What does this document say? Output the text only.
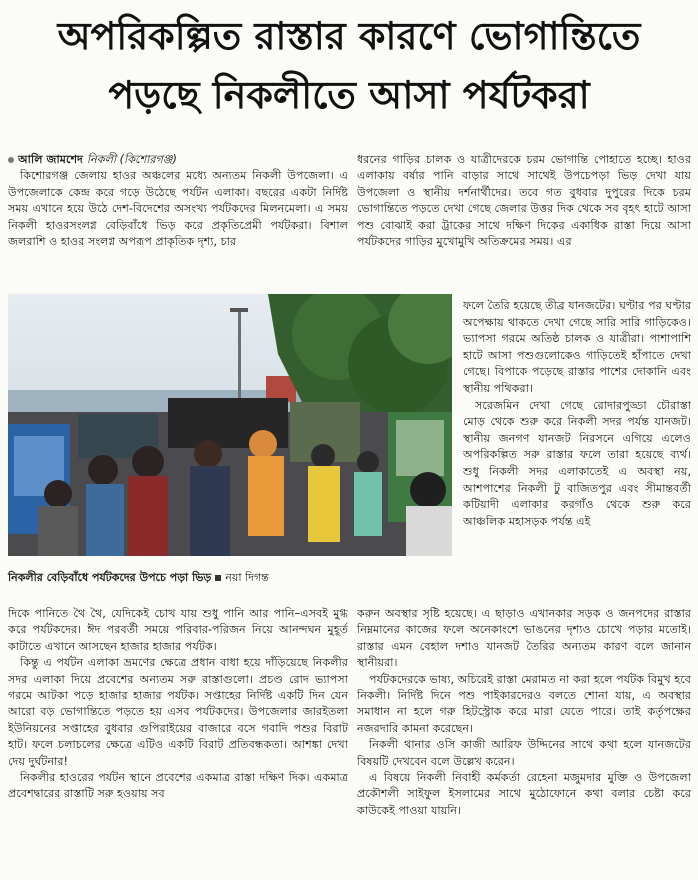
অপরিকল্পিত রাস্তার কারণে ভোগান্তিতে
পড়ছে নিকলীতে আসা পর্যটকরা

আলি জামশেদ নিকলী (কিশোরগঞ্জ)

কিশোরগঞ্জ জেলায় হাওর অঞ্চলের মধ্যে অন্যতম নিকলী উপজেলা। এ উপজেলাকে কেন্দ্র করে গড়ে উঠেছে পর্যটন এলাকা। বছরের একটা নির্দিষ্ট সময় এখানে হয়ে উঠে দেশ-বিদেশের অসংখ্য পর্যটকদের মিলনমেলা। এ সময় নিকলী হাওরসংলগ্ন বেড়িবাঁধে ভিড় করে প্রকৃতিপ্রেমী পর্যটকরা। বিশাল জলরাশি ও হাওর সংলগ্ন অপরূপ প্রাকৃতিক দৃশ্য, চার

ধরনের গাড়ির চালক ও যাত্রীদেরকে চরম ভোগান্তি পোহাতে হচ্ছে। হাওর এলাকায় বর্ষার পানি বাড়ার সাথে সাথেই উপচেপড়া ভিড় দেখা যায় উপজেলা ও স্থানীয় দর্শনার্থীদের। তবে গত বুধবার দুপুরের দিকে চরম ভোগান্তিতে পড়তে দেখা গেছে জেলার উত্তর দিক থেকে সব বৃহৎ হাটে আসা পশু বোঝাই করা ট্রাকের সাথে দক্ষিণ দিকের একাধিক রাস্তা দিয়ে আসা পর্যটকদের গাড়ির মুখোমুখি অতিক্রমের সময়। এর

নিকলীর বেড়িবাঁধে পর্যটকদের উপচে পড়া ভিড় নয়া দিগন্ত

ফলে তৈরি হয়েছে তীব্র যানজটের। ঘণ্টার পর ঘণ্টার অপেক্ষায় থাকতে দেখা গেছে সারি সারি গাড়িকেও। ভ্যাপসা গরমে অতিষ্ঠ চালক ও যাত্রীরা। পাশাপাশি হাটে আসা পশুগুলোকেও গাড়িতেই হাঁপাতে দেখা গেছে। বিপাকে পড়েছে রাস্তার পাশের দোকানি এবং স্থানীয় পথিকরা।

সরেজমিন দেখা গেছে রোদারপুড্ডা চৌরাস্তা মোড় থেকে শুরু করে নিকলী সদর পর্যন্ত যানজট। স্থানীয় জনগণ যানজট নিরসনে এগিয়ে এলেও অপরিকল্পিত সরু রাস্তার ফলে তারা হয়েছে ব্যর্থ। শুধু নিকলী সদর এলাকাতেই এ অবস্থা নয়, আশপাশের নিকলী টু বাজিতপুর এবং সীমান্তবর্তী কটিয়াদী এলাকার করগাঁও থেকে শুরু করে আঞ্চলিক মহাসড়ক পর্যন্ত এই

দিকে পানিতে থৈ থৈ, যেদিকেই চোখ যায় শুধু পানি আর পানি–এসবই মুগ্ধ করে পর্যটকদের। ঈদ পরবর্তী সময়ে পরিবার-পরিজন নিয়ে আনন্দঘন মুহূর্ত কাটাতে এখানে আসছেন হাজার হাজার পর্যটক।

কিন্তু এ পর্যটন এলাকা ভ্রমণের ক্ষেত্রে প্রধান বাধা হয়ে দাঁড়িয়েছে নিকলীর সদর এলাকা দিয়ে প্রবেশের অন্যতম সরু রাস্তাগুলো। প্রচণ্ড রোদ ভ্যাপসা গরমে আটকা পড়ে হাজার হাজার পর্যটক। সপ্তাহের নির্দিষ্ট একটি দিন যেন আরো বড় ভোগান্তিতে পড়তে হয় এসব পর্যটকদের। উপজেলার জারইতলা ইউনিয়নের সপ্তাহের বুধবার গুপিরাইয়ের বাজারে বসে গবাদি পশুর বিরাট হাট। ফলে চলাচলের ক্ষেত্রে এটিও একটি বিরাট প্রতিবন্ধকতা। আশঙ্কা দেখা দেয় দুর্ঘটনার!

নিকলীর হাওরের পর্যটন স্থানে প্রবেশের একমাত্র রাস্তা দক্ষিণ দিক। একমাত্র প্রবেশদ্বারের রাস্তাটি সরু হওয়ায় সব

করুন অবস্থার সৃষ্টি হয়েছে। এ ছাড়াও এখানকার সড়ক ও জনপদের রাস্তার নিম্নমানের কাজের ফলে অনেকাংশে ভাঙনের দৃশ্যও চোখে পড়ার মতোই। রাস্তার এমন বেহাল দশাও যানজট তৈরির অন্যতম কারণ বলে জানান স্থানীয়রা।

পর্যটকদেরকে ভাষ্য, অচিরেই রাস্তা মেরামত না করা হলে পর্যটক বিমুখ হবে নিকলী। নির্দিষ্ট দিনে পশু পাইকারদেরও বলতে শোনা যায়, এ অবস্থার সমাধান না হলে গরু হিটস্ট্রোক করে মারা যেতে পারে। তাই কর্তৃপক্ষের নজরদারি কামনা করেছেন।

নিকলী থানার ওসি কাজী আরিফ উদ্দিনের সাথে কথা হলে যানজটের বিষয়টি দেখবেন বলে উল্লেখ করেন।

এ বিষয়ে নিকলী নিবাহী কর্মকর্তা রেহেনা মজুমদার মুক্তি ও উপজেলা প্রকৌশলী সাইফুল ইসলামের সাথে মুঠোফোনে কথা বলার চেষ্টা করে কাউকেই পাওয়া যায়নি।
